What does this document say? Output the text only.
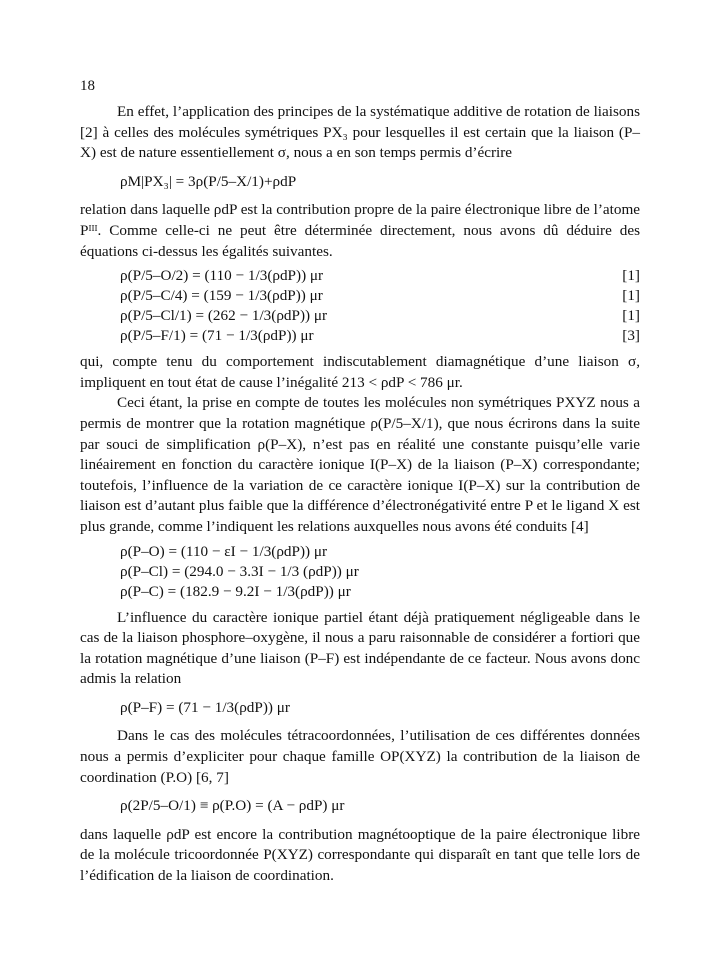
18

En effet, l’application des principes de la systématique additive de rotation de liaisons [2] à celles des molécules symétriques PX₃ pour lesquelles il est certain que la liaison (P–X) est de nature essentiellement σ, nous a en son temps permis d’écrire

ρM|PX₃| = 3ρ(P/5–X/1)+ρdP

relation dans laquelle ρdP est la contribution propre de la paire électronique libre de l’atome Pᴵᴵᴵ. Comme celle-ci ne peut être déterminée directement, nous avons dû déduire des équations ci-dessus les égalités suivantes.

ρ(P/5–O/2) = (110 − 1/3(ρdP)) μr	[1]
ρ(P/5–C/4) = (159 − 1/3(ρdP)) μr	[1]
ρ(P/5–Cl/1) = (262 − 1/3(ρdP)) μr	[1]
ρ(P/5–F/1) = (71 − 1/3(ρdP)) μr	[3]

qui, compte tenu du comportement indiscutablement diamagnétique d’une liaison σ, impliquent en tout état de cause l’inégalité 213 < ρdP < 786 μr.

Ceci étant, la prise en compte de toutes les molécules non symétriques PXYZ nous a permis de montrer que la rotation magnétique ρ(P/5–X/1), que nous écrirons dans la suite par souci de simplification ρ(P–X), n’est pas en réalité une constante puisqu’elle varie linéairement en fonction du caractère ionique I(P–X) de la liaison (P–X) correspondante; toutefois, l’influence de la variation de ce caractère ionique I(P–X) sur la contribution de liaison est d’autant plus faible que la différence d’électronégativité entre P et le ligand X est plus grande, comme l’indiquent les relations auxquelles nous avons été conduits [4]

ρ(P–O) = (110 − εI − 1/3(ρdP)) μr
ρ(P–Cl) = (294.0 − 3.3I − 1/3 (ρdP)) μr
ρ(P–C) = (182.9 − 9.2I − 1/3(ρdP)) μr

L’influence du caractère ionique partiel étant déjà pratiquement négligeable dans le cas de la liaison phosphore–oxygène, il nous a paru raisonnable de considérer a fortiori que la rotation magnétique d’une liaison (P–F) est indépendante de ce facteur. Nous avons donc admis la relation

ρ(P–F) = (71 − 1/3(ρdP)) μr

Dans le cas des molécules tétracoordonnées, l’utilisation de ces différentes données nous a permis d’expliciter pour chaque famille OP(XYZ) la contribution de la liaison de coordination (P.O) [6, 7]

ρ(2P/5–O/1) ≡ ρ(P.O) = (A − ρdP) μr

dans laquelle ρdP est encore la contribution magnétooptique de la paire électronique libre de la molécule tricoordonnée P(XYZ) correspondante qui disparaît en tant que telle lors de l’édification de la liaison de coordination.
